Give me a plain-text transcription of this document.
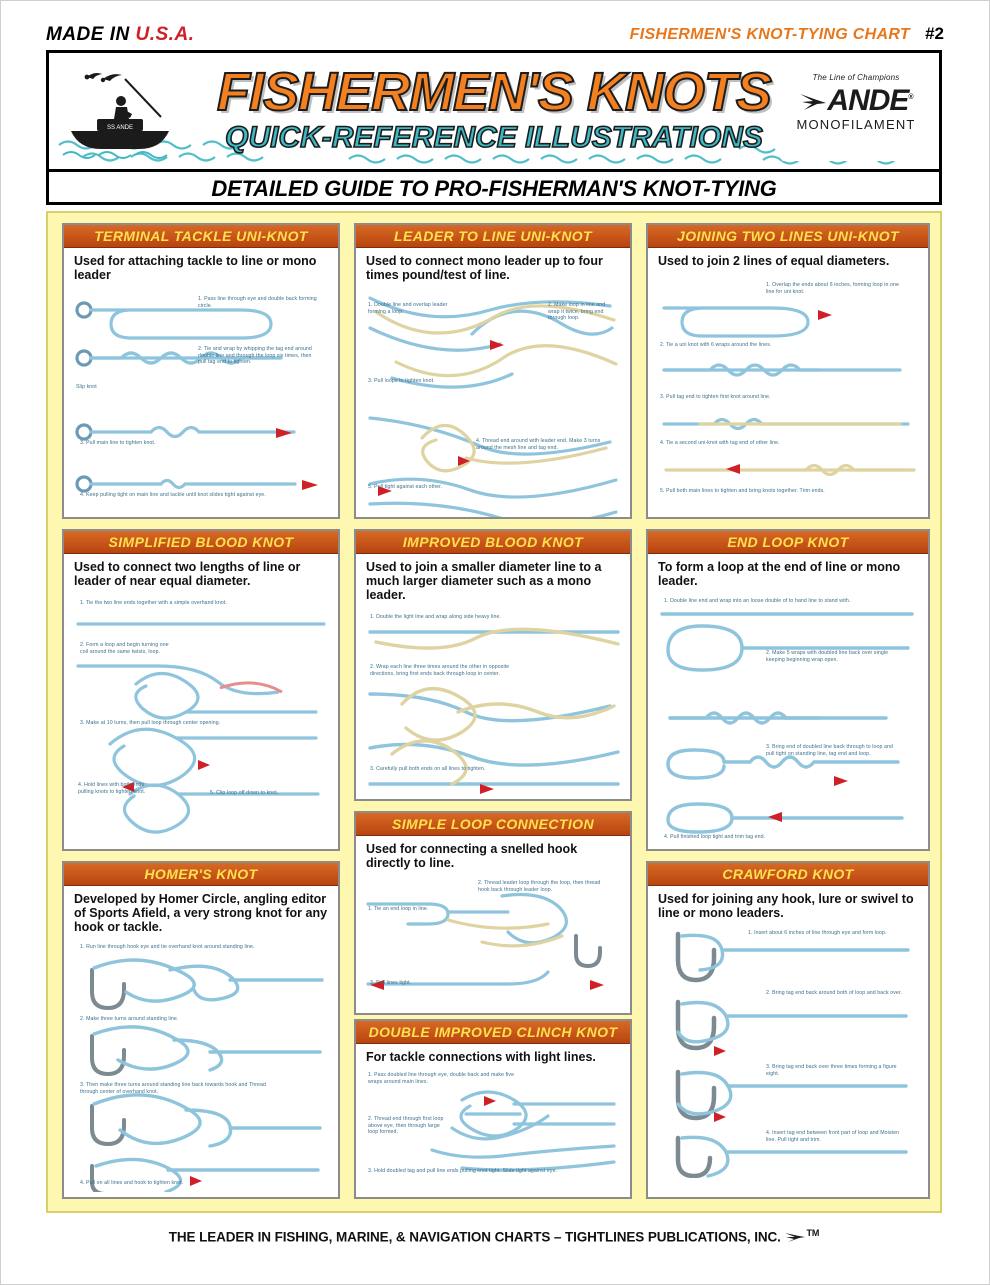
MADE IN U.S.A.	FISHERMEN'S KNOT-TYING CHART #2
SS ANDE
FISHERMEN'S KNOTS
QUICK-REFERENCE ILLUSTRATIONS
The Line of Champions
ANDE®
MONOFILAMENT
DETAILED GUIDE TO PRO-FISHERMAN'S KNOT-TYING
TERMINAL TACKLE UNI-KNOT
Used for attaching tackle to line or mono leader
1. Pass line through eye and double back forming circle.
2. Tie and wrap by whipping the tag end around double line and through the loop six times, then pull tag end to tighten.
Slip knot
3. Pull main line to tighten knot.
4. Keep pulling tight on main line and tackle until knot slides tight against eye.
LEADER TO LINE UNI-KNOT
Used to connect mono leader up to four times pound/test of line.
1. Double line and overlap leader forming a loop.
2. Make loop in line and wrap it twice, bring end through loop.
3. Pull loops to tighten knot.
4. Thread end around with leader end. Make 3 turns around the mesh line and tag end.
5. Pull tight against each other.
JOINING TWO LINES UNI-KNOT
Used to join 2 lines of equal diameters.
1. Overlap the ends about 6 inches, forming loop in one line for uni knot.
2. Tie a uni knot with 6 wraps around the lines.
3. Pull tag end to tighten first knot around line.
4. Tie a second uni-knot with tag end of other line.
5. Pull both main lines to tighten and bring knots together. Trim ends.
SIMPLIFIED BLOOD KNOT
Used to connect two lengths of line or leader of near equal diameter.
1. Tie the two line ends together with a simple overhand knot.
2. Form a loop and begin turning one coil around the same twists, loop.
3. Make at 10 turns, then pull loop through center opening.
4. Hold lines with both ends pulling knots to tighten knot.	5. Clip loop off down to knot.
IMPROVED BLOOD KNOT
Used to join a smaller diameter line to a much larger diameter such as a mono leader.
1. Double the light line and wrap along side heavy line.
2. Wrap each line three times around the other in opposite directions, bring first ends back through loop in center.
3. Carefully pull both ends on all lines to tighten.
END LOOP KNOT
To form a loop at the end of line or mono leader.
1. Double line end and wrap into an loose double of to hand line to stand with.
2. Make 5 wraps with doubled line back over single keeping beginning wrap open.
3. Bring end of doubled line back through to loop and pull tight on standing line, tag end and loop.
4. Pull finished loop tight and trim tag end.
HOMER'S KNOT
Developed by Homer Circle, angling editor of Sports Afield, a very strong knot for any hook or tackle.
1. Run line through hook eye and tie overhand knot around standing line.
2. Make three turns around standing line.
3. Then make three turns around standing line back towards hook and Thread through center of overhand knot.
4. Pull on all lines and hook to tighten knot.
SIMPLE LOOP CONNECTION
Used for connecting a snelled hook directly to line.
1. Tie an end loop in line.
2. Thread leader loop through the loop, then thread hook back through leader loop.
3. Pull lines tight.
DOUBLE IMPROVED CLINCH KNOT
For tackle connections with light lines.
1. Pass doubled line through eye, double back and make five wraps around main lines.
2. Thread end through first loop above eye, then through large loop formed.
3. Hold doubled tag and pull line ends pulling knot tight. Slide tight against eye.
CRAWFORD KNOT
Used for joining any hook, lure or swivel to line or mono leaders.
1. Insert about 6 inches of line through eye and form loop.
2. Bring tag end back around both of loop and back over.
3. Bring tag end back over three times forming a figure eight.
4. Insert tag end between front part of loop and Moisten line. Pull tight and trim.
THE LEADER IN FISHING, MARINE, & NAVIGATION CHARTS – TIGHTLINES PUBLICATIONS, INC.	™
